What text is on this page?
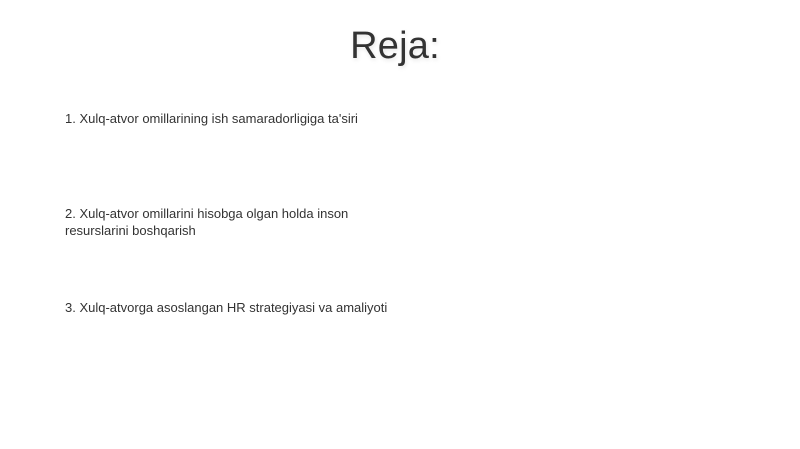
Reja:
1. Xulq-atvor omillarining ish samaradorligiga ta'siri
2. Xulq-atvor omillarini hisobga olgan holda inson resurslarini boshqarish
3. Xulq-atvorga asoslangan HR strategiyasi va amaliyoti
